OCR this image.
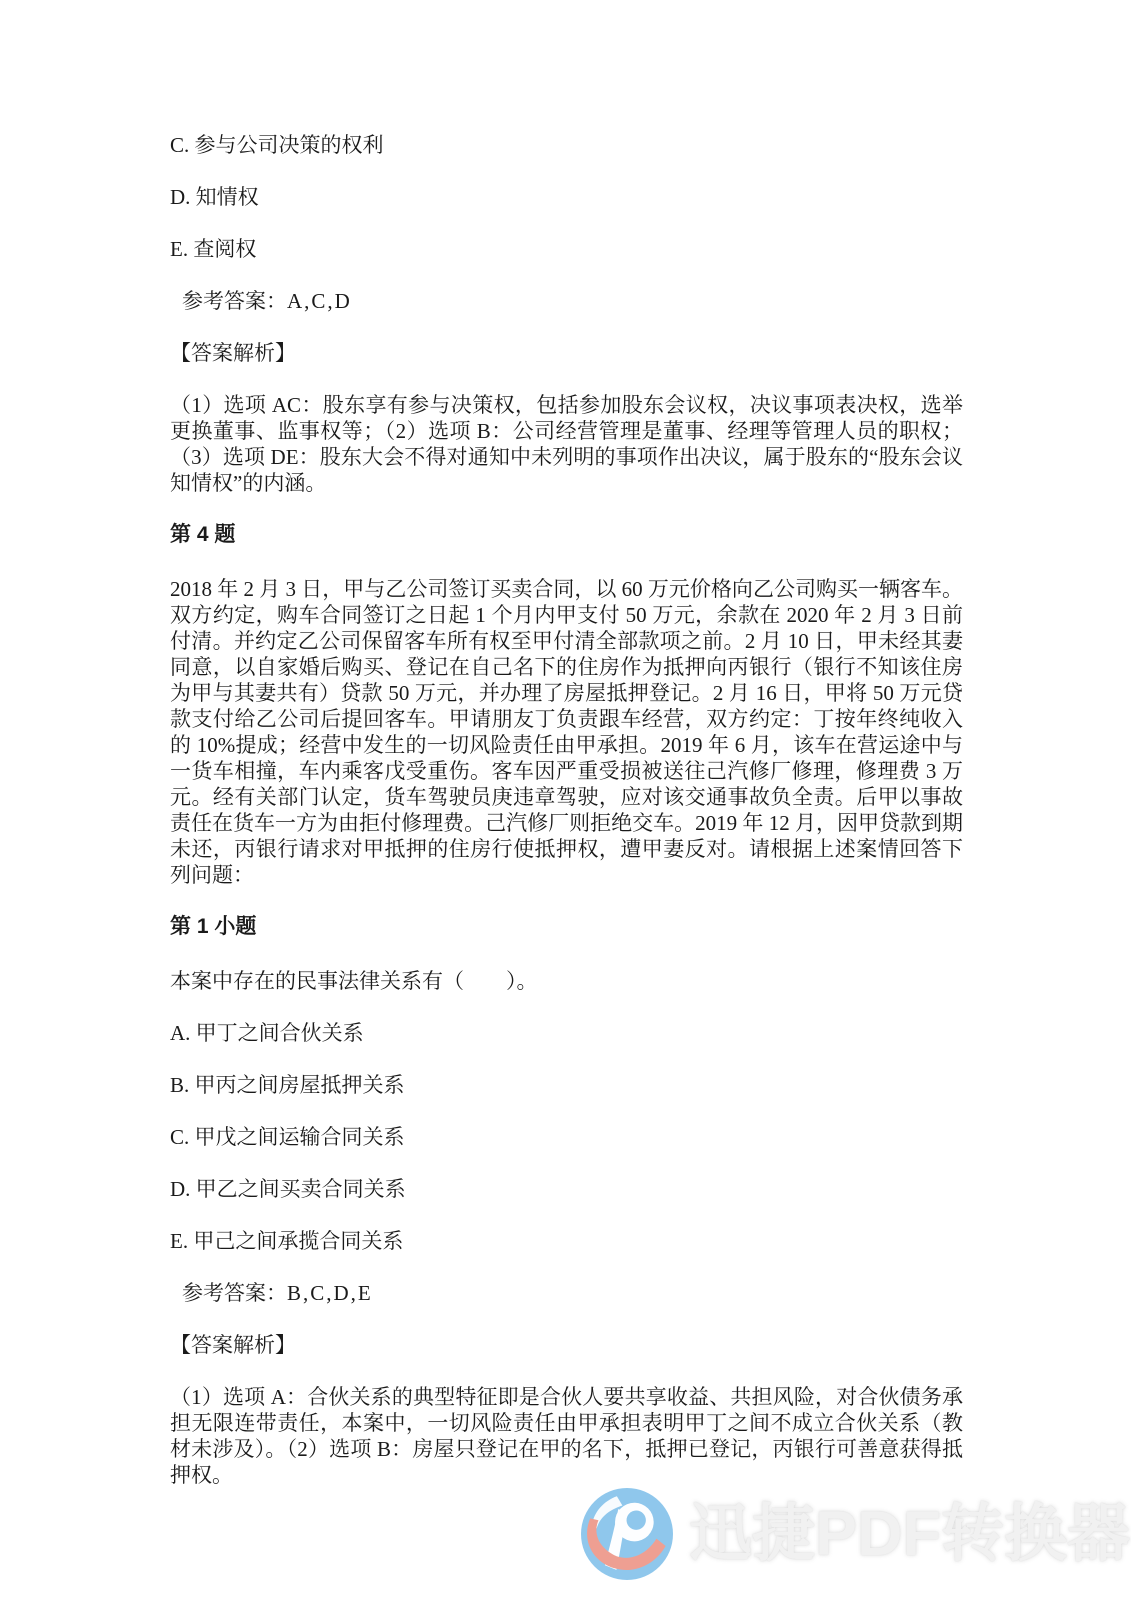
C. 参与公司决策的权利

D. 知情权

E. 查阅权

参考答案：A,C,D

【答案解析】

（1）选项 AC：股东享有参与决策权，包括参加股东会议权，决议事项表决权，选举更换董事、监事权等；（2）选项 B：公司经营管理是董事、经理等管理人员的职权；（3）选项 DE：股东大会不得对通知中未列明的事项作出决议，属于股东的“股东会议知情权”的内涵。

第 4 题

2018 年 2 月 3 日，甲与乙公司签订买卖合同，以 60 万元价格向乙公司购买一辆客车。双方约定，购车合同签订之日起 1 个月内甲支付 50 万元，余款在 2020 年 2 月 3 日前付清。并约定乙公司保留客车所有权至甲付清全部款项之前。2 月 10 日，甲未经其妻同意，以自家婚后购买、登记在自己名下的住房作为抵押向丙银行（银行不知该住房为甲与其妻共有）贷款 50 万元，并办理了房屋抵押登记。2 月 16 日，甲将 50 万元贷款支付给乙公司后提回客车。甲请朋友丁负责跟车经营，双方约定：丁按年终纯收入的 10%提成；经营中发生的一切风险责任由甲承担。2019 年 6 月，该车在营运途中与一货车相撞，车内乘客戊受重伤。客车因严重受损被送往己汽修厂修理，修理费 3 万元。经有关部门认定，货车驾驶员庚违章驾驶，应对该交通事故负全责。后甲以事故责任在货车一方为由拒付修理费。己汽修厂则拒绝交车。2019 年 12 月，因甲贷款到期未还，丙银行请求对甲抵押的住房行使抵押权，遭甲妻反对。请根据上述案情回答下列问题：

第 1 小题

本案中存在的民事法律关系有（　　）。

A. 甲丁之间合伙关系

B. 甲丙之间房屋抵押关系

C. 甲戊之间运输合同关系

D. 甲乙之间买卖合同关系

E. 甲己之间承揽合同关系

参考答案：B,C,D,E

【答案解析】

（1）选项 A：合伙关系的典型特征即是合伙人要共享收益、共担风险，对合伙债务承担无限连带责任，本案中，一切风险责任由甲承担表明甲丁之间不成立合伙关系（教材未涉及）。（2）选项 B：房屋只登记在甲的名下，抵押已登记，丙银行可善意获得抵押权。

迅捷PDF转换器
